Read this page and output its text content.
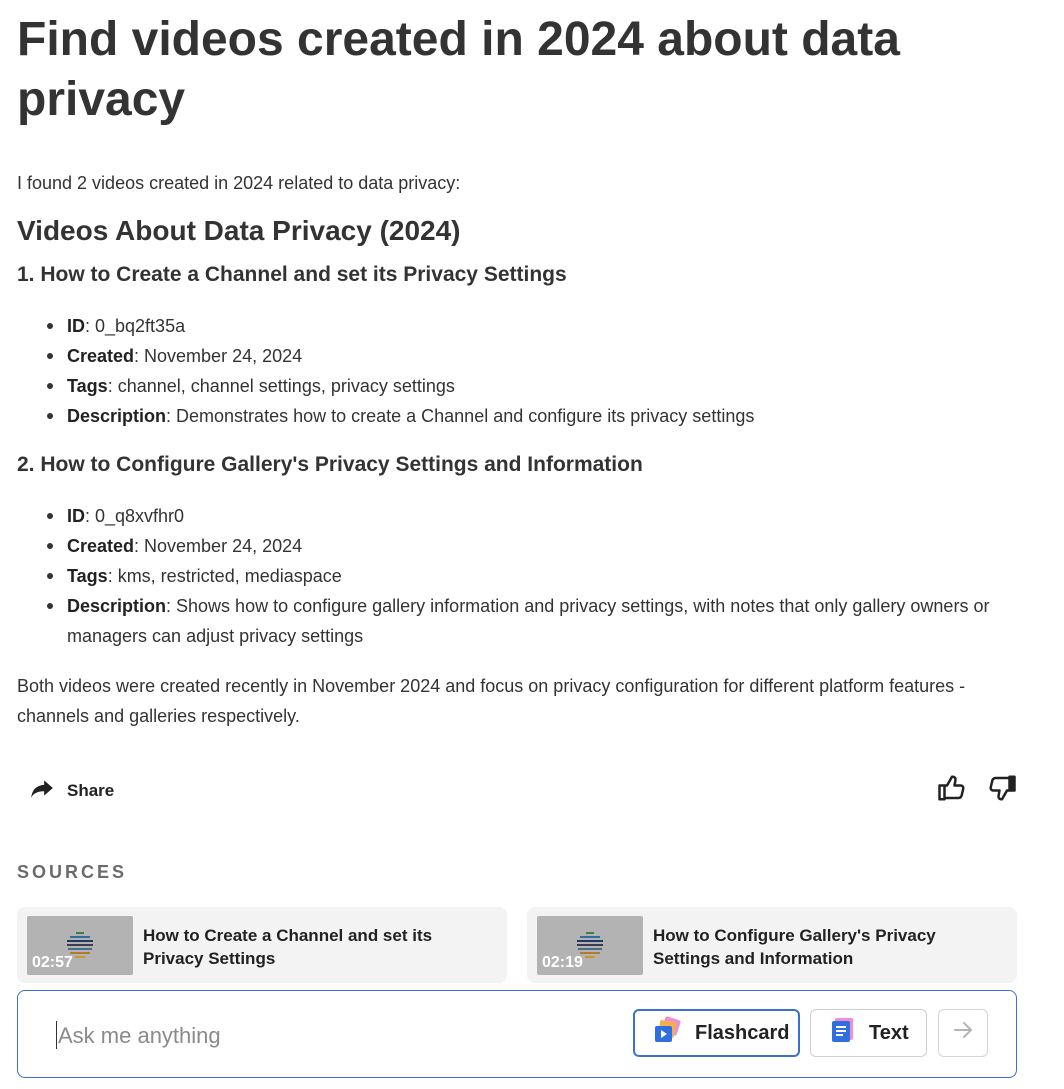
Find videos created in 2024 about data privacy
I found 2 videos created in 2024 related to data privacy:
Videos About Data Privacy (2024)
1. How to Create a Channel and set its Privacy Settings
ID: 0_bq2ft35a
Created: November 24, 2024
Tags: channel, channel settings, privacy settings
Description: Demonstrates how to create a Channel and configure its privacy settings
2. How to Configure Gallery's Privacy Settings and Information
ID: 0_q8xvfhr0
Created: November 24, 2024
Tags: kms, restricted, mediaspace
Description: Shows how to configure gallery information and privacy settings, with notes that only gallery owners or managers can adjust privacy settings
Both videos were created recently in November 2024 and focus on privacy configuration for different platform features - channels and galleries respectively.
Share
SOURCES
02:57
How to Create a Channel and set its Privacy Settings	02:19
How to Configure Gallery's Privacy Settings and Information
Ask me anything
Flashcard	Text
